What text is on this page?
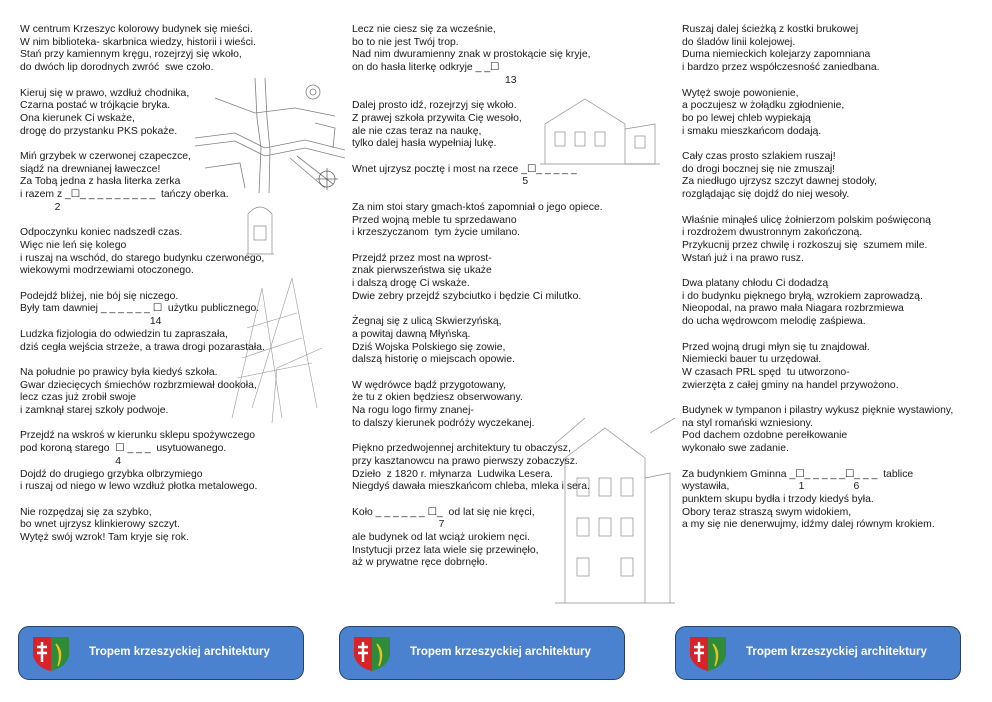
W centrum Krzeszyc kolorowy budynek się mieści.
W nim biblioteka- skarbnica wiedzy, historii i wieści.
Stań przy kamiennym kręgu, rozejrzyj się wkoło,
do dwóch lip dorodnych zwróć  swe czoło.
Kieruj się w prawo, wzdłuż chodnika,
Czarna postać w trójkącie bryka.
Ona kierunek Ci wskaże,
drogę do przystanku PKS pokaże.
Miń grzybek w czerwonej czapeczce,
siądź na drewnianej ławeczce!
Za Tobą jedna z hasła literka zerka
i razem z _☐_ _ _ _ _ _ _ _ _  tańczy oberka.
2
Odpoczynku koniec nadszedł czas.
Więc nie leń się kolego
i ruszaj na wschód, do starego budynku czerwonego,
wiekowymi modrzewiami otoczonego.
Podejdź bliżej, nie bój się niczego.
Były tam dawniej _ _ _ _ _ _ ☐  użytku publicznego.
14
Ludzka fizjologia do odwiedzin tu zapraszała,
dziś cegła wejścia strzeże, a trawa drogi pozarastała.
Na południe po prawicy była kiedyś szkoła.
Gwar dziecięcych śmiechów rozbrzmiewał dookoła,
lecz czas już zrobił swoje
i zamknął starej szkoły podwoje.
Przejdź na wskroś w kierunku sklepu spożywczego
pod koroną starego  ☐ _ _ _  usytuowanego.
4
Dojdź do drugiego grzybka olbrzymiego
i ruszaj od niego w lewo wzdłuż płotka metalowego.
Nie rozpędzaj się za szybko,
bo wnet ujrzysz klinkierowy szczyt.
Wytęż swój wzrok! Tam kryje się rok.
Lecz nie ciesz się za wcześnie,
bo to nie jest Twój trop.
Nad nim dwuramienny znak w prostokącie się kryje,
on do hasła literkę odkryje _ _☐
13
Dalej prosto idź, rozejrzyj się wkoło.
Z prawej szkoła przywita Cię wesoło,
ale nie czas teraz na naukę,
tylko dalej hasła wypełniaj lukę.
Wnet ujrzysz pocztę i most na rzece _☐_ _ _ _ _
5
Za nim stoi stary gmach-ktoś zapomniał o jego opiece.
Przed wojną meble tu sprzedawano
i krzeszyczanom  tym życie umilano.
Przejdź przez most na wprost-
znak pierwszeństwa się ukaże
i dalszą drogę Ci wskaże.
Dwie zebry przejdź szybciutko i będzie Ci milutko.
Żegnaj się z ulicą Skwierzyńską,
a powitaj dawną Młyńską.
Dziś Wojska Polskiego się zowie,
dalszą historię o miejscach opowie.
W wędrówce bądź przygotowany,
że tu z okien będziesz obserwowany.
Na rogu logo firmy znanej-
to dalszy kierunek podróży wyczekanej.
Piękno przedwojennej architektury tu obaczysz,
przy kasztanowcu na prawo pierwszy zobaczysz.
Dzieło  z 1820 r. młynarza  Ludwika Lesera.
Niegdyś dawała mieszkańcom chleba, mleka i sera.
Koło _ _ _ _ _ _ ☐_  od lat się nie kręci,
7
ale budynek od lat wciąż urokiem nęci.
Instytucji przez lata wiele się przewinęło,
aż w prywatne ręce dobrnęło.
Ruszaj dalej ścieżką z kostki brukowej
do śladów linii kolejowej.
Duma niemieckich kolejarzy zapomniana
i bardzo przez współczesność zaniedbana.
Wytęż swoje powonienie,
a poczujesz w żołądku zgłodnienie,
bo po lewej chleb wypiekają
i smaku mieszkańcom dodają.
Cały czas prosto szlakiem ruszaj!
do drogi bocznej się nie zmuszaj!
Za niedługo ujrzysz szczyt dawnej stodoły,
rozglądając się dojdź do niej wesoły.
Właśnie minąłeś ulicę żołnierzom polskim poświęconą
i rozdrożem dwustronnym zakończoną.
Przykucnij przez chwilę i rozkoszuj się  szumem mile.
Wstań już i na prawo rusz.
Dwa platany chłodu Ci dodadzą
i do budynku pięknego bryłą, wzrokiem zaprowadzą.
Nieopodal, na prawo mała Niagara rozbrzmiewa
do ucha wędrowcom melodię zaśpiewa.
Przed wojną drugi młyn się tu znajdował.
Niemiecki bauer tu urzędował.
W czasach PRL spęd  tu utworzono-
zwierzęta z całej gminy na handel przywożono.
Budynek w tympanon i pilastry wykusz pięknie wystawiony,
na styl romański wzniesiony.
Pod dachem ozdobne perełkowanie
wykonało swe zadanie.
Za budynkiem Gminna _☐_ _ _ _ _☐_ _ _  tablice
wystawiła,                        1                 6
punktem skupu bydła i trzody kiedyś była.
Obory teraz straszą swym widokiem,
a my się nie denerwujmy, idźmy dalej równym krokiem.
Tropem krzeszyckiej architektury	Tropem krzeszyckiej architektury	Tropem krzeszyckiej architektury
